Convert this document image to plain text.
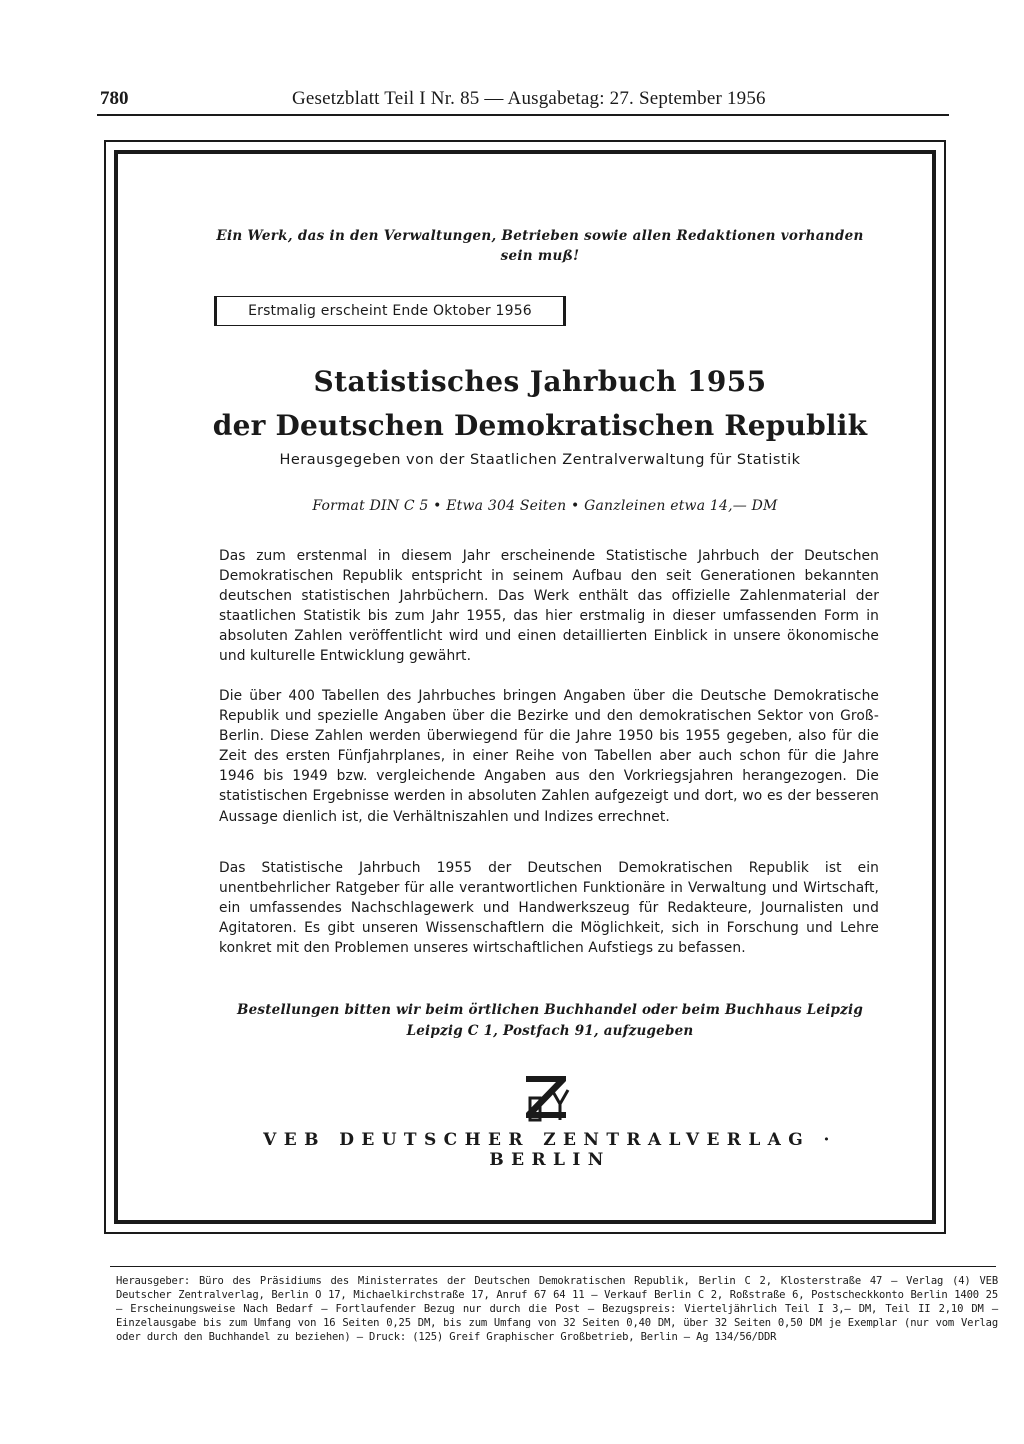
780	Gesetzblatt Teil I Nr. 85 — Ausgabetag: 27. September 1956
Ein Werk, das in den Verwaltungen, Betrieben sowie allen Redaktionen vorhanden sein muß!
Erstmalig erscheint Ende Oktober 1956
Statistisches Jahrbuch 1955
der Deutschen Demokratischen Republik
Herausgegeben von der Staatlichen Zentralverwaltung für Statistik
Format DIN C 5 • Etwa 304 Seiten • Ganzleinen etwa 14,— DM
Das zum erstenmal in diesem Jahr erscheinende Statistische Jahrbuch der Deutschen Demokratischen Republik entspricht in seinem Aufbau den seit Generationen bekannten deutschen statistischen Jahrbüchern. Das Werk enthält das offizielle Zahlenmaterial der staatlichen Statistik bis zum Jahr 1955, das hier erstmalig in dieser umfassenden Form in absoluten Zahlen veröffentlicht wird und einen detaillierten Einblick in unsere ökonomische und kulturelle Entwicklung gewährt.
Die über 400 Tabellen des Jahrbuches bringen Angaben über die Deutsche Demokratische Republik und spezielle Angaben über die Bezirke und den demokratischen Sektor von Groß-Berlin. Diese Zahlen werden überwiegend für die Jahre 1950 bis 1955 gegeben, also für die Zeit des ersten Fünfjahrplanes, in einer Reihe von Tabellen aber auch schon für die Jahre 1946 bis 1949 bzw. vergleichende Angaben aus den Vorkriegsjahren herangezogen. Die statistischen Ergebnisse werden in absoluten Zahlen aufgezeigt und dort, wo es der besseren Aussage dienlich ist, die Verhältniszahlen und Indizes errechnet.
Das Statistische Jahrbuch 1955 der Deutschen Demokratischen Republik ist ein unentbehrlicher Ratgeber für alle verantwortlichen Funktionäre in Verwaltung und Wirtschaft, ein umfassendes Nachschlagewerk und Handwerkszeug für Redakteure, Journalisten und Agitatoren. Es gibt unseren Wissenschaftlern die Möglichkeit, sich in Forschung und Lehre konkret mit den Problemen unseres wirtschaftlichen Aufstiegs zu befassen.
Bestellungen bitten wir beim örtlichen Buchhandel oder beim Buchhaus Leipzig
Leipzig C 1, Postfach 91, aufzugeben
VEB DEUTSCHER ZENTRALVERLAG · BERLIN
Herausgeber: Büro des Präsidiums des Ministerrates der Deutschen Demokratischen Republik, Berlin C 2, Klosterstraße 47 — Verlag (4) VEB Deutscher Zentralverlag, Berlin O 17, Michaelkirchstraße 17, Anruf 67 64 11 — Verkauf Berlin C 2, Roßstraße 6, Postscheckkonto Berlin 1400 25 — Erscheinungsweise Nach Bedarf — Fortlaufender Bezug nur durch die Post — Bezugspreis: Vierteljährlich Teil I 3,— DM, Teil II 2,10 DM — Einzelausgabe bis zum Umfang von 16 Seiten 0,25 DM, bis zum Umfang von 32 Seiten 0,40 DM, über 32 Seiten 0,50 DM je Exemplar (nur vom Verlag oder durch den Buchhandel zu beziehen) — Druck: (125) Greif Graphischer Großbetrieb, Berlin — Ag 134/56/DDR
